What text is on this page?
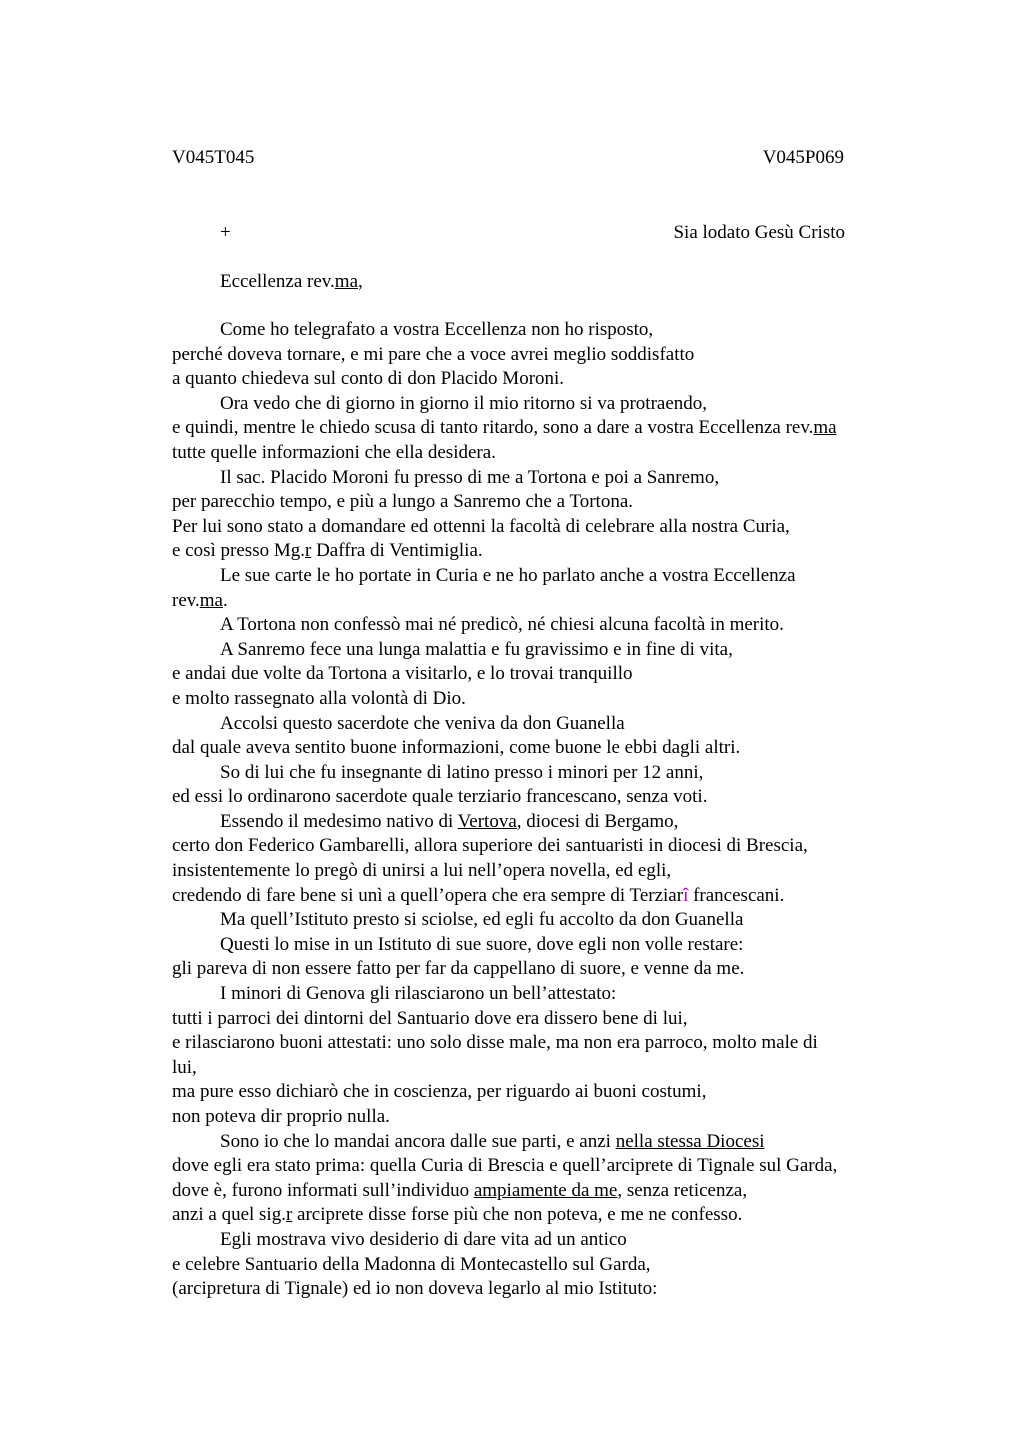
V045T045	V045P069
+	Sia lodato Gesù Cristo
Eccellenza rev.ma,
Come ho telegrafato a vostra Eccellenza non ho risposto,
perché doveva tornare, e mi pare che a voce avrei meglio soddisfatto
a quanto chiedeva sul conto di don Placido Moroni.
Ora vedo che di giorno in giorno il mio ritorno si va protraendo,
e quindi, mentre le chiedo scusa di tanto ritardo, sono a dare a vostra Eccellenza rev.ma
tutte quelle informazioni che ella desidera.
Il sac. Placido Moroni fu presso di me a Tortona e poi a Sanremo,
per parecchio tempo, e più a lungo a Sanremo che a Tortona.
Per lui sono stato a domandare ed ottenni la facoltà di celebrare alla nostra Curia,
e così presso Mg.r Daffra di Ventimiglia.
Le sue carte le ho portate in Curia e ne ho parlato anche a vostra Eccellenza
rev.ma.
A Tortona non confessò mai né predicò, né chiesi alcuna facoltà in merito.
A Sanremo fece una lunga malattia e fu gravissimo e in fine di vita,
e andai due volte da Tortona a visitarlo, e lo trovai tranquillo
e molto rassegnato alla volontà di Dio.
Accolsi questo sacerdote che veniva da don Guanella
dal quale aveva sentito buone informazioni, come buone le ebbi dagli altri.
So di lui che fu insegnante di latino presso i minori per 12 anni,
ed essi lo ordinarono sacerdote quale terziario francescano, senza voti.
Essendo il medesimo nativo di Vertova, diocesi di Bergamo,
certo don Federico Gambarelli, allora superiore dei santuaristi in diocesi di Brescia,
insistentemente lo pregò di unirsi a lui nell’opera novella, ed egli,
credendo di fare bene si unì a quell’opera che era sempre di Terziarî francescani.
Ma quell’Istituto presto si sciolse, ed egli fu accolto da don Guanella
Questi lo mise in un Istituto di sue suore, dove egli non volle restare:
gli pareva di non essere fatto per far da cappellano di suore, e venne da me.
I minori di Genova gli rilasciarono un bell’attestato:
tutti i parroci dei dintorni del Santuario dove era dissero bene di lui,
e rilasciarono buoni attestati: uno solo disse male, ma non era parroco, molto male di
lui,
ma pure esso dichiarò che in coscienza, per riguardo ai buoni costumi,
non poteva dir proprio nulla.
Sono io che lo mandai ancora dalle sue parti, e anzi nella stessa Diocesi
dove egli era stato prima: quella Curia di Brescia e quell’arciprete di Tignale sul Garda,
dove è, furono informati sull’individuo ampiamente da me, senza reticenza,
anzi a quel sig.r arciprete disse forse più che non poteva, e me ne confesso.
Egli mostrava vivo desiderio di dare vita ad un antico
e celebre Santuario della Madonna di Montecastello sul Garda,
(arcipretura di Tignale) ed io non doveva legarlo al mio Istituto:
